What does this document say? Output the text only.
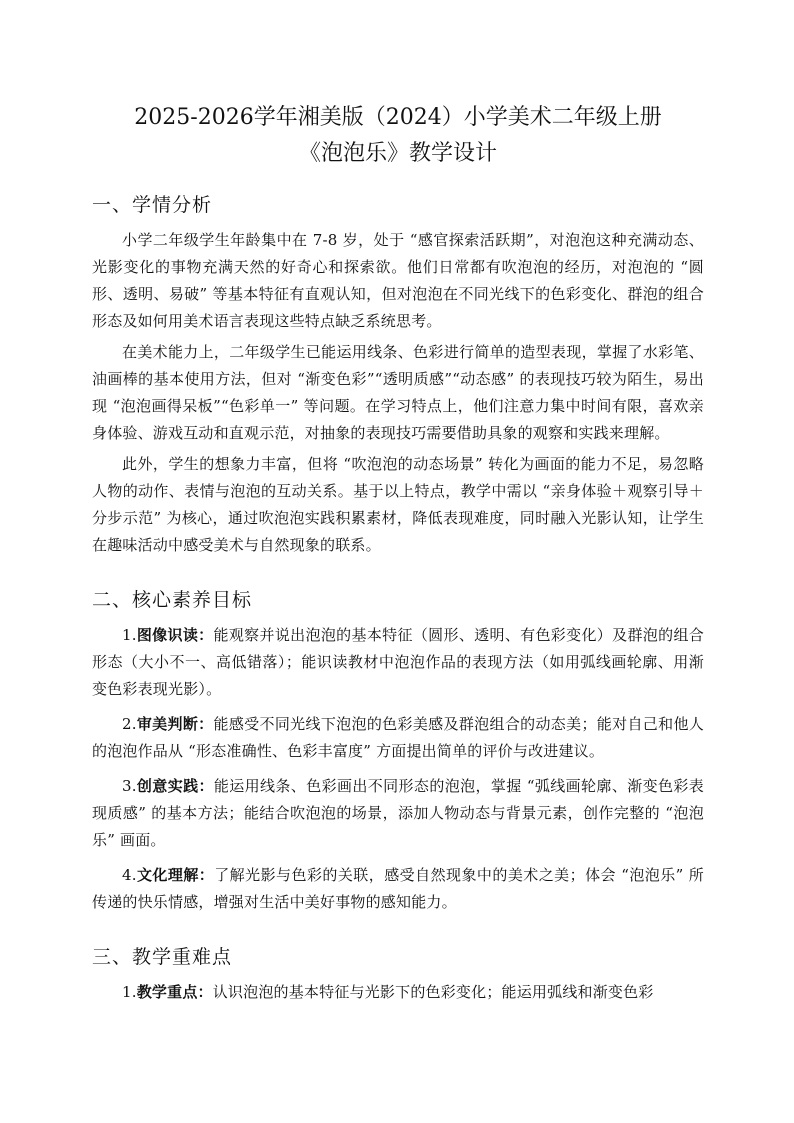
2025-2026学年湘美版（2024）小学美术二年级上册
《泡泡乐》教学设计
一、学情分析

小学二年级学生年龄集中在 7-8 岁，处于 “感官探索活跃期”，对泡泡这种充满动态、光影变化的事物充满天然的好奇心和探索欲。他们日常都有吹泡泡的经历，对泡泡的 “圆形、透明、易破” 等基本特征有直观认知，但对泡泡在不同光线下的色彩变化、群泡的组合形态及如何用美术语言表现这些特点缺乏系统思考。

在美术能力上，二年级学生已能运用线条、色彩进行简单的造型表现，掌握了水彩笔、油画棒的基本使用方法，但对 “渐变色彩”“透明质感”“动态感” 的表现技巧较为陌生，易出现 “泡泡画得呆板”“色彩单一” 等问题。在学习特点上，他们注意力集中时间有限，喜欢亲身体验、游戏互动和直观示范，对抽象的表现技巧需要借助具象的观察和实践来理解。

此外，学生的想象力丰富，但将 “吹泡泡的动态场景” 转化为画面的能力不足，易忽略人物的动作、表情与泡泡的互动关系。基于以上特点，教学中需以 “亲身体验＋观察引导＋分步示范” 为核心，通过吹泡泡实践积累素材，降低表现难度，同时融入光影认知，让学生在趣味活动中感受美术与自然现象的联系。

二、核心素养目标

1.图像识读：能观察并说出泡泡的基本特征（圆形、透明、有色彩变化）及群泡的组合形态（大小不一、高低错落）；能识读教材中泡泡作品的表现方法（如用弧线画轮廓、用渐变色彩表现光影）。

2.审美判断：能感受不同光线下泡泡的色彩美感及群泡组合的动态美；能对自己和他人的泡泡作品从 “形态准确性、色彩丰富度” 方面提出简单的评价与改进建议。

3.创意实践：能运用线条、色彩画出不同形态的泡泡，掌握 “弧线画轮廓、渐变色彩表现质感” 的基本方法；能结合吹泡泡的场景，添加人物动态与背景元素，创作完整的 “泡泡乐” 画面。

4.文化理解：了解光影与色彩的关联，感受自然现象中的美术之美；体会 “泡泡乐” 所传递的快乐情感，增强对生活中美好事物的感知能力。

三、教学重难点

1.教学重点：认识泡泡的基本特征与光影下的色彩变化；能运用弧线和渐变色彩
